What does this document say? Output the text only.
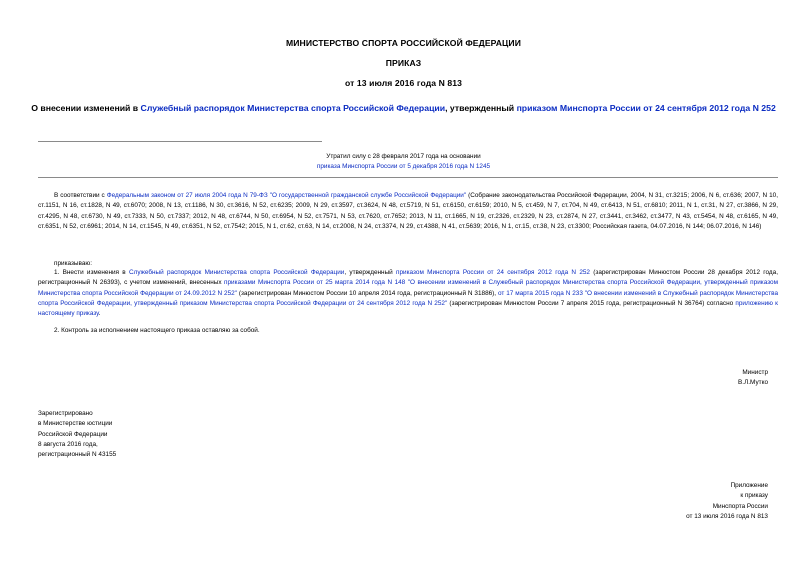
МИНИСТЕРСТВО СПОРТА РОССИЙСКОЙ ФЕДЕРАЦИИ
ПРИКАЗ
от 13 июля 2016 года N 813
О внесении изменений в Служебный распорядок Министерства спорта Российской Федерации, утвержденный приказом Минспорта России от 24 сентября 2012 года N 252
Утратил силу с 28 февраля 2017 года на основании
приказа Минспорта России от 5 декабря 2016 года N 1245

В соответствии с Федеральным законом от 27 июля 2004 года N 79-ФЗ "О государственной гражданской службе Российской Федерации" (Собрание законодательства Российской Федерации, 2004, N 31, ст.3215; 2006, N 6, ст.636; 2007, N 10, ст.1151, N 16, ст.1828, N 49, ст.6070; 2008, N 13, ст.1186, N 30, ст.3616, N 52, ст.6235; 2009, N 29, ст.3597, ст.3624, N 48, ст.5719, N 51, ст.6150, ст.6159; 2010, N 5, ст.459, N 7, ст.704, N 49, ст.6413, N 51, ст.6810; 2011, N 1, ст.31, N 27, ст.3866, N 29, ст.4295, N 48, ст.6730, N 49, ст.7333, N 50, ст.7337; 2012, N 48, ст.6744, N 50, ст.6954, N 52, ст.7571, N 53, ст.7620, ст.7652; 2013, N 11, ст.1665, N 19, ст.2326, ст.2329, N 23, ст.2874, N 27, ст.3441, ст.3462, ст.3477, N 43, ст.5454, N 48, ст.6165, N 49, ст.6351, N 52, ст.6961; 2014, N 14, ст.1545, N 49, ст.6351, N 52, ст.7542; 2015, N 1, ст.62, ст.63, N 14, ст.2008, N 24, ст.3374, N 29, ст.4388, N 41, ст.5639; 2016, N 1, ст.15, ст.38, N 23, ст.3300; Российская газета, 04.07.2016, N 144; 06.07.2016, N 146)

приказываю:

1. Внести изменения в Служебный распорядок Министерства спорта Российской Федерации, утвержденный приказом Минспорта России от 24 сентября 2012 года N 252 (зарегистрирован Минюстом России 28 декабря 2012 года, регистрационный N 26393), с учетом изменений, внесенных приказами Минспорта России от 25 марта 2014 года N 148 "О внесении изменений в Служебный распорядок Министерства спорта Российской Федерации, утвержденный приказом Министерства спорта Российской Федерации от 24.09.2012 N 252" (зарегистрирован Минюстом России 10 апреля 2014 года, регистрационный N 31886), от 17 марта 2015 года N 233 "О внесении изменений в Служебный распорядок Министерства спорта Российской Федерации, утвержденный приказом Министерства спорта Российской Федерации от 24 сентября 2012 года N 252" (зарегистрирован Минюстом России 7 апреля 2015 года, регистрационный N 36764) согласно приложению к настоящему приказу.

2. Контроль за исполнением настоящего приказа оставляю за собой.
Министр
В.Л.Мутко
Зарегистрировано
в Министерстве юстиции
Российской Федерации
8 августа 2016 года,
регистрационный N 43155
Приложение
к приказу
Минспорта России
от 13 июля 2016 года N 813
